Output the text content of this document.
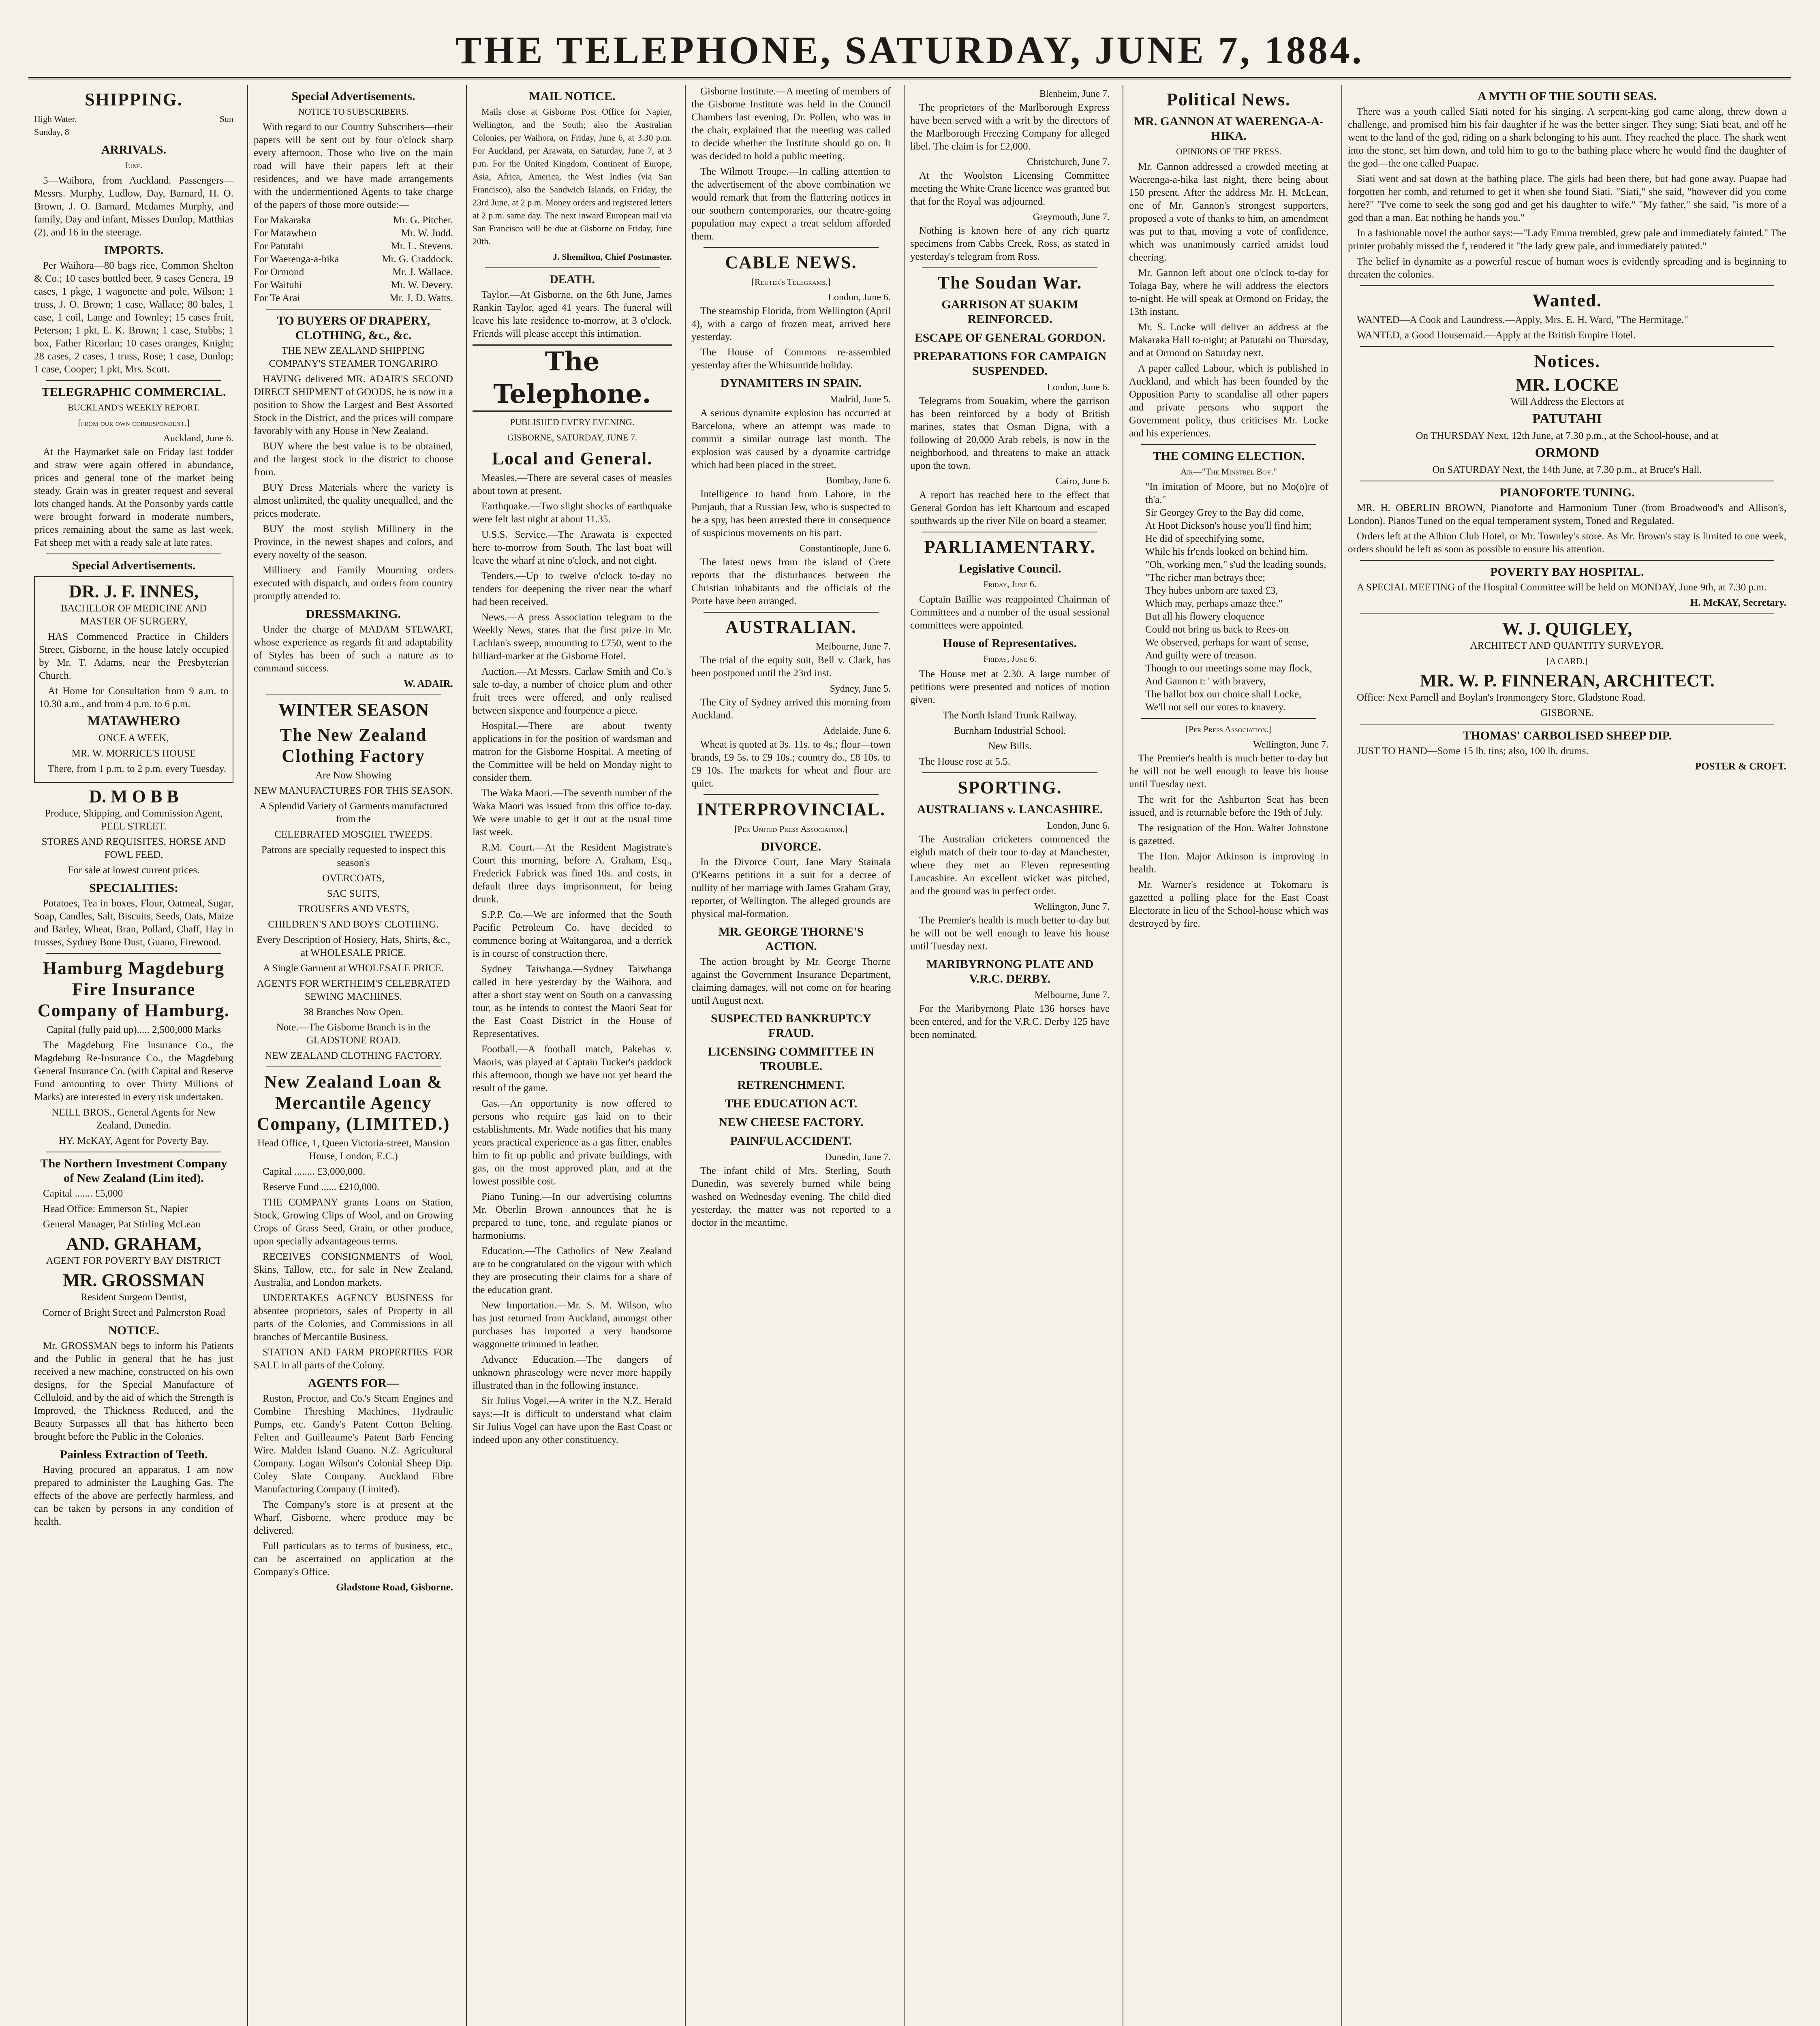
THE TELEPHONE, SATURDAY, JUNE 7, 1884.
SHIPPING.
High Water.	Sun
Sunday, 8
ARRIVALS.
June.

5—Waihora, from Auckland. Passengers—Messrs. Murphy, Ludlow, Day, Barnard, H. O. Brown, J. O. Barnard, Mcdames Murphy, and family, Day and infant, Misses Dunlop, Matthias (2), and 16 in the steerage.

IMPORTS.

Per Waihora—80 bags rice, Common Shelton & Co.; 10 cases bottled beer, 9 cases Genera, 19 cases, 1 pkge, 1 wagonette and pole, Wilson; 1 truss, J. O. Brown; 1 case, Wallace; 80 bales, 1 case, 1 coil, Lange and Townley; 15 cases fruit, Peterson; 1 pkt, E. K. Brown; 1 case, Stubbs; 1 box, Father Ricorlan; 10 cases oranges, Knight; 28 cases, 2 cases, 1 truss, Rose; 1 case, Dunlop; 1 case, Cooper; 1 pkt, Mrs. Scott.

TELEGRAPHIC COMMERCIAL.
BUCKLAND'S WEEKLY REPORT.
[from our own correspondent.]
Auckland, June 6.

At the Haymarket sale on Friday last fodder and straw were again offered in abundance, prices and general tone of the market being steady. Grain was in greater request and several lots changed hands. At the Ponsonby yards cattle were brought forward in moderate numbers, prices remaining about the same as last week. Fat sheep met with a ready sale at late rates.

Special Advertisements.
DR. J. F. INNES,

BACHELOR OF MEDICINE AND MASTER OF SURGERY,

HAS Commenced Practice in Childers Street, Gisborne, in the house lately occupied by Mr. T. Adams, near the Presbyterian Church.

At Home for Consultation from 9 a.m. to 10.30 a.m., and from 4 p.m. to 6 p.m.

MATAWHERO

ONCE A WEEK,

MR. W. MORRICE'S HOUSE

There, from 1 p.m. to 2 p.m. every Tuesday.

D. M O B B

Produce, Shipping, and Commission Agent, PEEL STREET.

STORES AND REQUISITES, HORSE AND FOWL FEED,

For sale at lowest current prices.

SPECIALITIES:

Potatoes, Tea in boxes, Flour, Oatmeal, Sugar, Soap, Candles, Salt, Biscuits, Seeds, Oats, Maize and Barley, Wheat, Bran, Pollard, Chaff, Hay in trusses, Sydney Bone Dust, Guano, Firewood.

Hamburg Magdeburg Fire Insurance Company of Hamburg.

Capital (fully paid up)..... 2,500,000 Marks

The Magdeburg Fire Insurance Co., the Magdeburg Re-Insurance Co., the Magdeburg General Insurance Co. (with Capital and Reserve Fund amounting to over Thirty Millions of Marks) are interested in every risk undertaken.

NEILL BROS., General Agents for New Zealand, Dunedin.

HY. McKAY, Agent for Poverty Bay.

The Northern Investment Company of New Zealand (Lim ited).

Capital ....... £5,000

Head Office: Emmerson St., Napier

General Manager, Pat Stirling McLean

AND. GRAHAM,

AGENT FOR POVERTY BAY DISTRICT

MR. GROSSMAN

Resident Surgeon Dentist,

Corner of Bright Street and Palmerston Road

NOTICE.

Mr. GROSSMAN begs to inform his Patients and the Public in general that he has just received a new machine, constructed on his own designs, for the Special Manufacture of Celluloid, and by the aid of which the Strength is Improved, the Thickness Reduced, and the Beauty Surpasses all that has hitherto been brought before the Public in the Colonies.

Painless Extraction of Teeth.

Having procured an apparatus, I am now prepared to administer the Laughing Gas. The effects of the above are perfectly harmless, and can be taken by persons in any condition of health.

Special Advertisements.
NOTICE TO SUBSCRIBERS.

With regard to our Country Subscribers—their papers will be sent out by four o'clock sharp every afternoon. Those who live on the main road will have their papers left at their residences, and we have made arrangements with the undermentioned Agents to take charge of the papers of those more outside:—

For Makaraka	Mr. G. Pitcher.
For Matawhero	Mr. W. Judd.
For Patutahi	Mr. L. Stevens.
For Waerenga-a-hika	Mr. G. Craddock.
For Ormond	Mr. J. Wallace.
For Waituhi	Mr. W. Devery.
For Te Arai	Mr. J. D. Watts.
TO BUYERS OF DRAPERY, CLOTHING, &c., &c.

THE NEW ZEALAND SHIPPING COMPANY'S STEAMER TONGARIRO

HAVING delivered MR. ADAIR'S SECOND DIRECT SHIPMENT of GOODS, he is now in a position to Show the Largest and Best Assorted Stock in the District, and the prices will compare favorably with any House in New Zealand.

BUY where the best value is to be obtained, and the largest stock in the district to choose from.

BUY Dress Materials where the variety is almost unlimited, the quality unequalled, and the prices moderate.

BUY the most stylish Millinery in the Province, in the newest shapes and colors, and every novelty of the season.

Millinery and Family Mourning orders executed with dispatch, and orders from country promptly attended to.

DRESSMAKING.

Under the charge of MADAM STEWART, whose experience as regards fit and adaptability of Styles has been of such a nature as to command success.

W. ADAIR.

WINTER SEASON
The New Zealand Clothing Factory

Are Now Showing

NEW MANUFACTURES FOR THIS SEASON.

A Splendid Variety of Garments manufactured from the

CELEBRATED MOSGIEL TWEEDS.

Patrons are specially requested to inspect this season's

OVERCOATS,

SAC SUITS,

TROUSERS AND VESTS,

CHILDREN'S AND BOYS' CLOTHING.

Every Description of Hosiery, Hats, Shirts, &c., at WHOLESALE PRICE.

A Single Garment at WHOLESALE PRICE.

AGENTS FOR WERTHEIM'S CELEBRATED SEWING MACHINES.

38 Branches Now Open.

Note.—The Gisborne Branch is in the GLADSTONE ROAD.

NEW ZEALAND CLOTHING FACTORY.

New Zealand Loan & Mercantile Agency Company, (LIMITED.)

Head Office, 1, Queen Victoria-street, Mansion House, London, E.C.)

Capital ........ £3,000,000.

Reserve Fund ...... £210,000.

THE COMPANY grants Loans on Station, Stock, Growing Clips of Wool, and on Growing Crops of Grass Seed, Grain, or other produce, upon specially advantageous terms.

RECEIVES CONSIGNMENTS of Wool, Skins, Tallow, etc., for sale in New Zealand, Australia, and London markets.

UNDERTAKES AGENCY BUSINESS for absentee proprietors, sales of Property in all parts of the Colonies, and Commissions in all branches of Mercantile Business.

STATION AND FARM PROPERTIES FOR SALE in all parts of the Colony.

AGENTS FOR—

Ruston, Proctor, and Co.'s Steam Engines and Combine Threshing Machines, Hydraulic Pumps, etc. Gandy's Patent Cotton Belting. Felten and Guilleaume's Patent Barb Fencing Wire. Malden Island Guano. N.Z. Agricultural Company. Logan Wilson's Colonial Sheep Dip. Coley Slate Company. Auckland Fibre Manufacturing Company (Limited).

The Company's store is at present at the Wharf, Gisborne, where produce may be delivered.

Full particulars as to terms of business, etc., can be ascertained on application at the Company's Office.

Gladstone Road, Gisborne.

MAIL NOTICE.

Mails close at Gisborne Post Office for Napier, Wellington, and the South; also the Australian Colonies, per Waihora, on Friday, June 6, at 3.30 p.m. For Auckland, per Arawata, on Saturday, June 7, at 3 p.m. For the United Kingdom, Continent of Europe, Asia, Africa, America, the West Indies (via San Francisco), also the Sandwich Islands, on Friday, the 23rd June, at 2 p.m. Money orders and registered letters at 2 p.m. same day. The next inward European mail via San Francisco will be due at Gisborne on Friday, June 20th.

J. Shemilton, Chief Postmaster.

DEATH.

Taylor.—At Gisborne, on the 6th June, James Rankin Taylor, aged 41 years. The funeral will leave his late residence to-morrow, at 3 o'clock. Friends will please accept this intimation.

The Telephone.
PUBLISHED EVERY EVENING.
GISBORNE, SATURDAY, JUNE 7.
Local and General.

Measles.—There are several cases of measles about town at present.

Earthquake.—Two slight shocks of earthquake were felt last night at about 11.35.

U.S.S. Service.—The Arawata is expected here to-morrow from South. The last boat will leave the wharf at nine o'clock, and not eight.

Tenders.—Up to twelve o'clock to-day no tenders for deepening the river near the wharf had been received.

News.—A press Association telegram to the Weekly News, states that the first prize in Mr. Lachlan's sweep, amounting to £750, went to the billiard-marker at the Gisborne Hotel.

Auction.—At Messrs. Carlaw Smith and Co.'s sale to-day, a number of choice plum and other fruit trees were offered, and only realised between sixpence and fourpence a piece.

Hospital.—There are about twenty applications in for the position of wardsman and matron for the Gisborne Hospital. A meeting of the Committee will be held on Monday night to consider them.

The Waka Maori.—The seventh number of the Waka Maori was issued from this office to-day. We were unable to get it out at the usual time last week.

R.M. Court.—At the Resident Magistrate's Court this morning, before A. Graham, Esq., Frederick Fabrick was fined 10s. and costs, in default three days imprisonment, for being drunk.

S.P.P. Co.—We are informed that the South Pacific Petroleum Co. have decided to commence boring at Waitangaroa, and a derrick is in course of construction there.

Sydney Taiwhanga.—Sydney Taiwhanga called in here yesterday by the Waihora, and after a short stay went on South on a canvassing tour, as he intends to contest the Maori Seat for the East Coast District in the House of Representatives.

Football.—A football match, Pakehas v. Maoris, was played at Captain Tucker's paddock this afternoon, though we have not yet heard the result of the game.

Gas.—An opportunity is now offered to persons who require gas laid on to their establishments. Mr. Wade notifies that his many years practical experience as a gas fitter, enables him to fit up public and private buildings, with gas, on the most approved plan, and at the lowest possible cost.

Piano Tuning.—In our advertising columns Mr. Oberlin Brown announces that he is prepared to tune, tone, and regulate pianos or harmoniums.

Education.—The Catholics of New Zealand are to be congratulated on the vigour with which they are prosecuting their claims for a share of the education grant.

New Importation.—Mr. S. M. Wilson, who has just returned from Auckland, amongst other purchases has imported a very handsome waggonette trimmed in leather.

Advance Education.—The dangers of unknown phraseology were never more happily illustrated than in the following instance.

Sir Julius Vogel.—A writer in the N.Z. Herald says:—It is difficult to understand what claim Sir Julius Vogel can have upon the East Coast or indeed upon any other constituency.

Gisborne Institute.—A meeting of members of the Gisborne Institute was held in the Council Chambers last evening, Dr. Pollen, who was in the chair, explained that the meeting was called to decide whether the Institute should go on. It was decided to hold a public meeting.

The Wilmott Troupe.—In calling attention to the advertisement of the above combination we would remark that from the flattering notices in our southern contemporaries, our theatre-going population may expect a treat seldom afforded them.

CABLE NEWS.
[Reuter's Telegrams.]
London, June 6.

The steamship Florida, from Wellington (April 4), with a cargo of frozen meat, arrived here yesterday.

The House of Commons re-assembled yesterday after the Whitsuntide holiday.

DYNAMITERS IN SPAIN.
Madrid, June 5.

A serious dynamite explosion has occurred at Barcelona, where an attempt was made to commit a similar outrage last month. The explosion was caused by a dynamite cartridge which had been placed in the street.

Bombay, June 6.

Intelligence to hand from Lahore, in the Punjaub, that a Russian Jew, who is suspected to be a spy, has been arrested there in consequence of suspicious movements on his part.

Constantinople, June 6.

The latest news from the island of Crete reports that the disturbances between the Christian inhabitants and the officials of the Porte have been arranged.

AUSTRALIAN.
Melbourne, June 7.

The trial of the equity suit, Bell v. Clark, has been postponed until the 23rd inst.

Sydney, June 5.

The City of Sydney arrived this morning from Auckland.

Adelaide, June 6.

Wheat is quoted at 3s. 11s. to 4s.; flour—town brands, £9 5s. to £9 10s.; country do., £8 10s. to £9 10s. The markets for wheat and flour are quiet.

INTERPROVINCIAL.
[Per United Press Association.]
DIVORCE.

In the Divorce Court, Jane Mary Stainala O'Kearns petitions in a suit for a decree of nullity of her marriage with James Graham Gray, reporter, of Wellington. The alleged grounds are physical mal-formation.

MR. GEORGE THORNE'S ACTION.

The action brought by Mr. George Thorne against the Government Insurance Department, claiming damages, will not come on for hearing until August next.

SUSPECTED BANKRUPTCY FRAUD.
LICENSING COMMITTEE IN TROUBLE.
RETRENCHMENT.
THE EDUCATION ACT.
NEW CHEESE FACTORY.
PAINFUL ACCIDENT.
Dunedin, June 7.

The infant child of Mrs. Sterling, South Dunedin, was severely burned while being washed on Wednesday evening. The child died yesterday, the matter was not reported to a doctor in the meantime.

Blenheim, June 7.

The proprietors of the Marlborough Express have been served with a writ by the directors of the Marlborough Freezing Company for alleged libel. The claim is for £2,000.

Christchurch, June 7.

At the Woolston Licensing Committee meeting the White Crane licence was granted but that for the Royal was adjourned.

Greymouth, June 7.

Nothing is known here of any rich quartz specimens from Cabbs Creek, Ross, as stated in yesterday's telegram from Ross.

The Soudan War.
GARRISON AT SUAKIM REINFORCED.
ESCAPE OF GENERAL GORDON.
PREPARATIONS FOR CAMPAIGN SUSPENDED.
London, June 6.

Telegrams from Souakim, where the garrison has been reinforced by a body of British marines, states that Osman Digna, with a following of 20,000 Arab rebels, is now in the neighborhood, and threatens to make an attack upon the town.

Cairo, June 6.

A report has reached here to the effect that General Gordon has left Khartoum and escaped southwards up the river Nile on board a steamer.

PARLIAMENTARY.
Legislative Council.
Friday, June 6.

Captain Baillie was reappointed Chairman of Committees and a number of the usual sessional committees were appointed.

House of Representatives.
Friday, June 6.

The House met at 2.30. A large number of petitions were presented and notices of motion given.

The North Island Trunk Railway.

Burnham Industrial School.

New Bills.

The House rose at 5.5.

SPORTING.
AUSTRALIANS v. LANCASHIRE.
London, June 6.

The Australian cricketers commenced the eighth match of their tour to-day at Manchester, where they met an Eleven representing Lancashire. An excellent wicket was pitched, and the ground was in perfect order.

Wellington, June 7.

The Premier's health is much better to-day but he will not be well enough to leave his house until Tuesday next.

MARIBYRNONG PLATE AND V.R.C. DERBY.
Melbourne, June 7.

For the Maribyrnong Plate 136 horses have been entered, and for the V.R.C. Derby 125 have been nominated.

Political News.
MR. GANNON AT WAERENGA-A-HIKA.
OPINIONS OF THE PRESS.

Mr. Gannon addressed a crowded meeting at Waerenga-a-hika last night, there being about 150 present. After the address Mr. H. McLean, one of Mr. Gannon's strongest supporters, proposed a vote of thanks to him, an amendment was put to that, moving a vote of confidence, which was unanimously carried amidst loud cheering.

Mr. Gannon left about one o'clock to-day for Tolaga Bay, where he will address the electors to-night. He will speak at Ormond on Friday, the 13th instant.

Mr. S. Locke will deliver an address at the Makaraka Hall to-night; at Patutahi on Thursday, and at Ormond on Saturday next.

A paper called Labour, which is published in Auckland, and which has been founded by the Opposition Party to scandalise all other papers and private persons who support the Government policy, thus criticises Mr. Locke and his experiences.

THE COMING ELECTION.
Air—"The Minstrel Boy."
"In imitation of Moore, but no Mo(o)re of th'a."
Sir Georgey Grey to the Bay did come,
At Hoot Dickson's house you'll find him;
He did of speechifying some,
While his fr'ends looked on behind him.
"Oh, working men," s'ud the leading sounds,
"The richer man betrays thee;
They hubes unborn are taxed £3,
Which may, perhaps amaze thee."
But all his flowery eloquence
Could not bring us back to Rees-on
We observed, perhaps for want of sense,
And guilty were of treason.
Though to our meetings some may flock,
And Gannon t: ' with bravery,
The ballot box our choice shall Locke,
We'll not sell our votes to knavery.
[Per Press Association.]
Wellington, June 7.

The Premier's health is much better to-day but he will not be well enough to leave his house until Tuesday next.

The writ for the Ashburton Seat has been issued, and is returnable before the 19th of July.

The resignation of the Hon. Walter Johnstone is gazetted.

The Hon. Major Atkinson is improving in health.

Mr. Warner's residence at Tokomaru is gazetted a polling place for the East Coast Electorate in lieu of the School-house which was destroyed by fire.

A MYTH OF THE SOUTH SEAS.

There was a youth called Siati noted for his singing. A serpent-king god came along, threw down a challenge, and promised him his fair daughter if he was the better singer. They sung; Siati beat, and off he went to the land of the god, riding on a shark belonging to his aunt. They reached the place. The shark went into the stone, set him down, and told him to go to the bathing place where he would find the daughter of the god—the one called Puapae.

Siati went and sat down at the bathing place. The girls had been there, but had gone away. Puapae had forgotten her comb, and returned to get it when she found Siati. "Siati," she said, "however did you come here?" "I've come to seek the song god and get his daughter to wife." "My father," she said, "is more of a god than a man. Eat nothing he hands you."

In a fashionable novel the author says:—"Lady Emma trembled, grew pale and immediately fainted." The printer probably missed the f, rendered it "the lady grew pale, and immediately painted."

The belief in dynamite as a powerful rescue of human woes is evidently spreading and is beginning to threaten the colonies.

Wanted.

WANTED—A Cook and Laundress.—Apply, Mrs. E. H. Ward, "The Hermitage."

WANTED, a Good Housemaid.—Apply at the British Empire Hotel.

Notices.
MR. LOCKE

Will Address the Electors at

PATUTAHI

On THURSDAY Next, 12th June, at 7.30 p.m., at the School-house, and at

ORMOND

On SATURDAY Next, the 14th June, at 7.30 p.m., at Bruce's Hall.

PIANOFORTE TUNING.

MR. H. OBERLIN BROWN, Pianoforte and Harmonium Tuner (from Broadwood's and Allison's, London). Pianos Tuned on the equal temperament system, Toned and Regulated.

Orders left at the Albion Club Hotel, or Mr. Townley's store. As Mr. Brown's stay is limited to one week, orders should be left as soon as possible to ensure his attention.

POVERTY BAY HOSPITAL.

A SPECIAL MEETING of the Hospital Committee will be held on MONDAY, June 9th, at 7.30 p.m.

H. McKAY, Secretary.

W. J. QUIGLEY,

ARCHITECT AND QUANTITY SURVEYOR.

[A CARD.]
MR. W. P. FINNERAN, ARCHITECT.

Office: Next Parnell and Boylan's Ironmongery Store, Gladstone Road.

GISBORNE.

THOMAS' CARBOLISED SHEEP DIP.

JUST TO HAND—Some 15 lb. tins; also, 100 lb. drums.

POSTER & CROFT.
